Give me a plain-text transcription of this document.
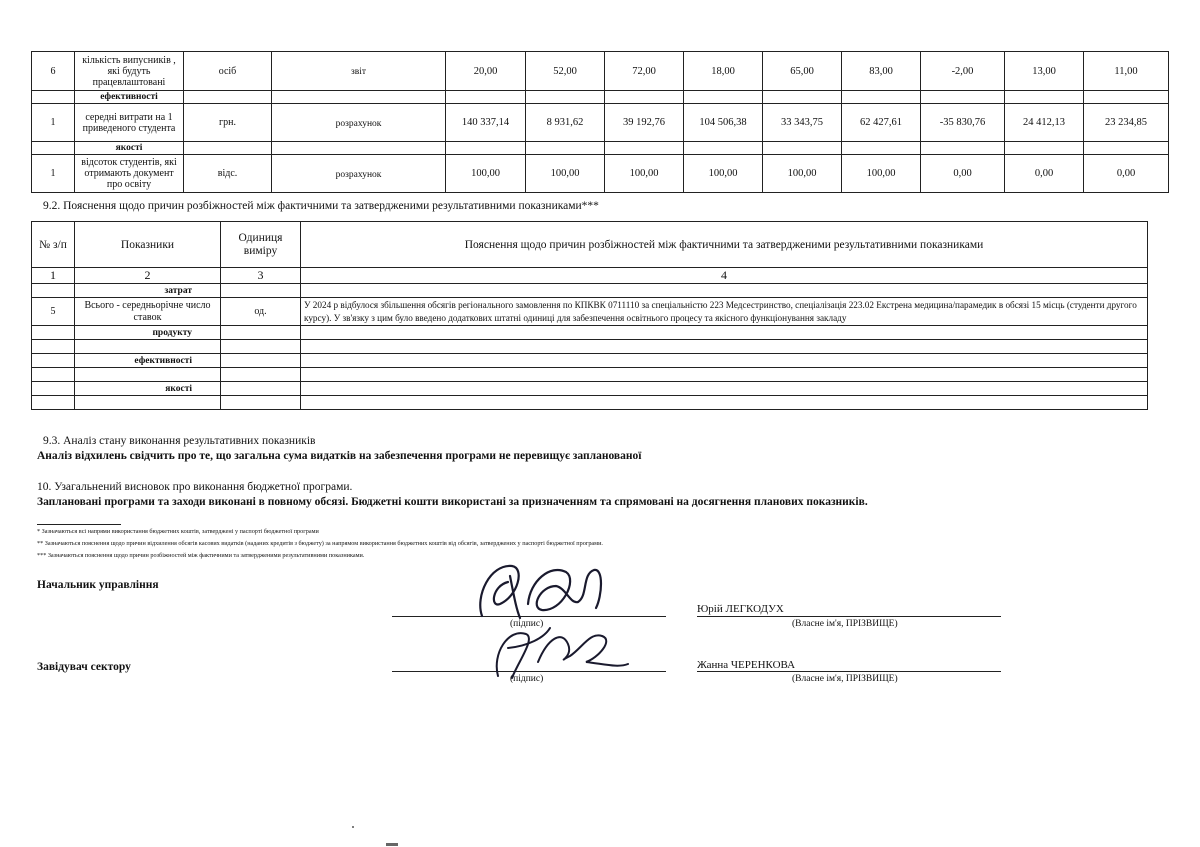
6	кількість випусників , які будуть працевлаштовані	осіб	звіт	20,00	52,00	72,00	18,00	65,00	83,00	-2,00	13,00	11,00
	ефективності											
1	середні витрати на 1 приведеного студента	грн.	розрахунок	140 337,14	8 931,62	39 192,76	104 506,38	33 343,75	62 427,61	-35 830,76	24 412,13	23 234,85
	якості											
1	відсоток студентів, які отримають документ про освіту	відс.	розрахунок	100,00	100,00	100,00	100,00	100,00	100,00	0,00	0,00	0,00
9.2. Пояснення щодо причин розбіжностей між фактичними та затвердженими результативними показниками***
№ з/п	Показники	Одиниця виміру	Пояснення щодо причин розбіжностей між фактичними та затвердженими результативними показниками
1	2	3	4
	затрат		
5	Всього - середньорічне число ставок	од.	У 2024 р відбулося збільшення обсягів регіонального замовлення по КПКВК 0711110 за спеціальністю 223 Медсестринство, спеціалізація 223.02 Екстрена медицина/парамедик в обсязі 15 місць (студенти другого курсу). У зв'язку з цим було введено додаткових штатні одиниці для забезпечення освітнього процесу та якісного функціонування закладу
	продукту		

	ефективності		

	якості		

9.3. Аналіз стану виконання результативних показників
Аналіз відхилень свідчить про те, що загальна сума видатків на забезпечення програми не перевищує запланованої
10. Узагальнений висновок про виконання бюджетної програми.
Заплановані програми та заходи виконані в повному обсязі. Бюджетні кошти використані за призначенням та спрямовані на досягнення планових показників.
* Зазначаються всі напрями використання бюджетних коштів, затверджені у паспорті бюджетної програми
** Зазначаються пояснення щодо причин відхилення обсягів касових видатків (наданих кредитів з бюджету) за напрямом використання бюджетних коштів від обсягів, затверджених у паспорті бюджетної програми.
*** Зазначаються пояснення щодо причин розбіжностей між фактичними та затвердженими результативними показниками.
Начальник управління
(підпис)
Юрій ЛЕГКОДУХ
(Власне ім'я, ПРІЗВИЩЕ)
Завідувач сектору
(підпис)
Жанна ЧЕРЕНКОВА
(Власне ім'я, ПРІЗВИЩЕ)
